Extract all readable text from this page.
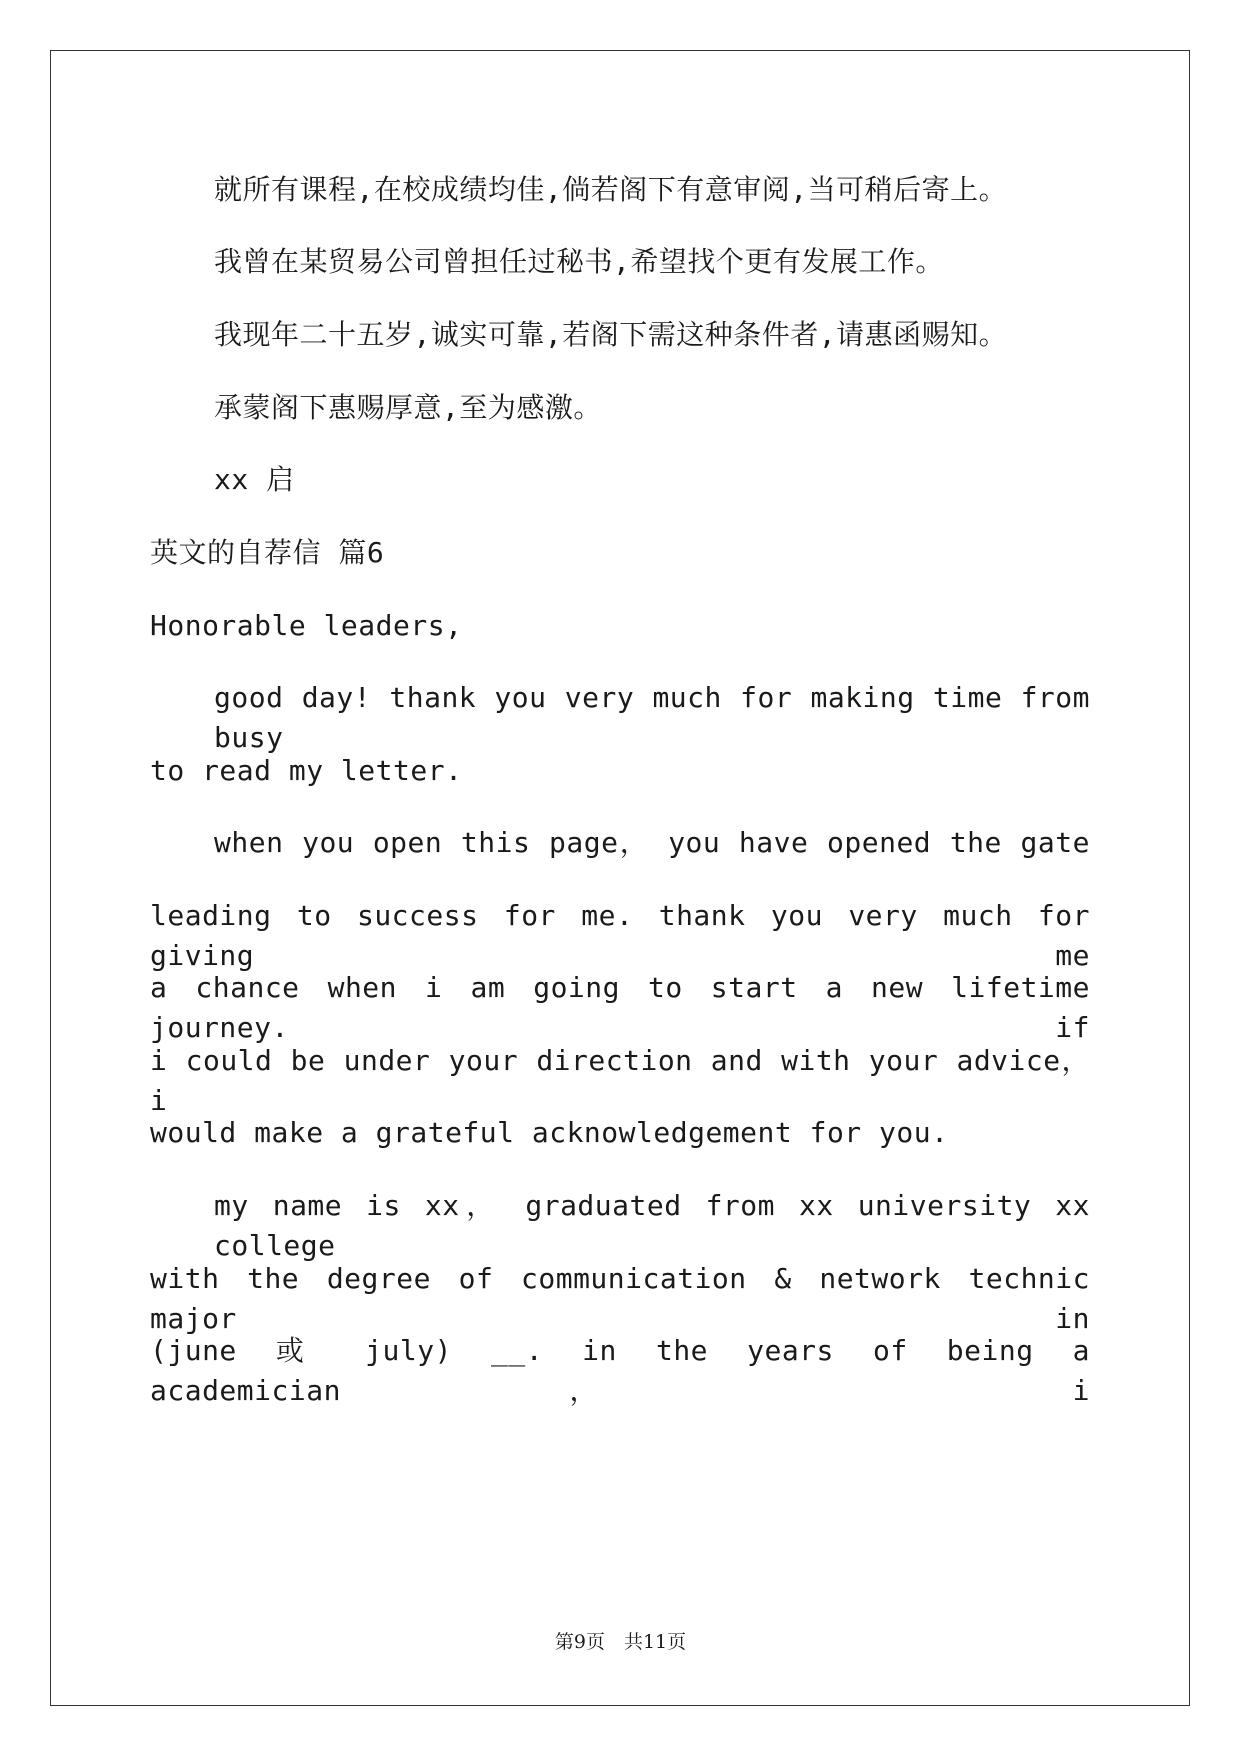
就所有课程,在校成绩均佳,倘若阁下有意审阅,当可稍后寄上。
我曾在某贸易公司曾担任过秘书,希望找个更有发展工作。
我现年二十五岁,诚实可靠,若阁下需这种条件者,请惠函赐知。
承蒙阁下惠赐厚意,至为感激。
xx 启
英文的自荐信 篇6
Honorable leaders,
good day! thank you very much for making time from busy
to read my letter.
when you open this page， you have opened the gate
leading to success for me. thank you very much for giving me
a chance when i am going to start a new lifetime journey. if
i could be under your direction and with your advice， i
would make a grateful acknowledgement for you.
my name is xx， graduated from xx university xx college
with the degree of communication & network technic major in
(june 或 july) __. in the years of being a academician， i
第9页　共11页
